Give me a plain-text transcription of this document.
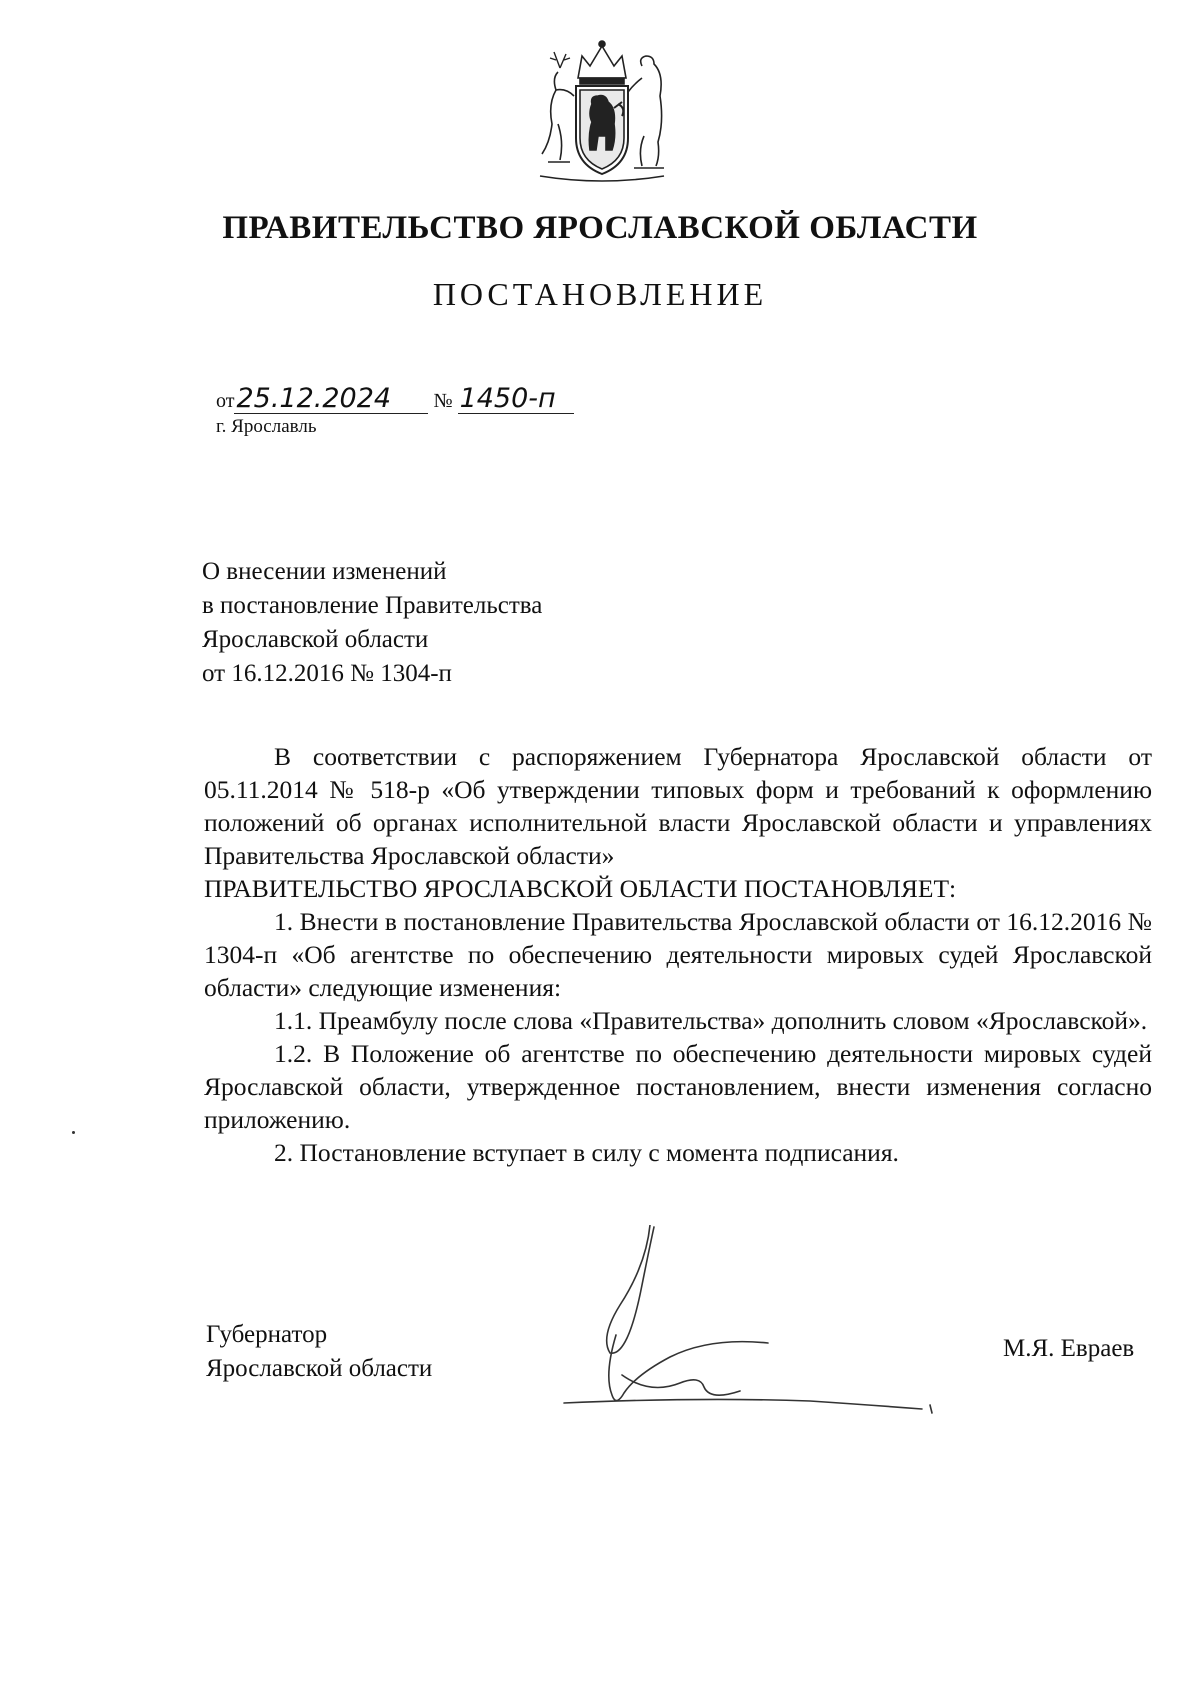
ПРАВИТЕЛЬСТВО ЯРОСЛАВСКОЙ ОБЛАСТИ
ПОСТАНОВЛЕНИЕ
от25.12.2024 № 1450-п
г. Ярославль
О внесении изменений
в постановление Правительства
Ярославской области
от 16.12.2016 № 1304-п

В соответствии с распоряжением Губернатора Ярославской области от 05.11.2014 № 518-р «Об утверждении типовых форм и требований к оформлению положений об органах исполнительной власти Ярославской области и управлениях Правительства Ярославской области»

ПРАВИТЕЛЬСТВО ЯРОСЛАВСКОЙ ОБЛАСТИ ПОСТАНОВЛЯЕТ:

1. Внести в постановление Правительства Ярославской области от 16.12.2016 № 1304-п «Об агентстве по обеспечению деятельности мировых судей Ярославской области» следующие изменения:

1.1. Преамбулу после слова «Правительства» дополнить словом «Ярославской».

1.2. В Положение об агентстве по обеспечению деятельности мировых судей Ярославской области, утвержденное постановлением, внести изменения согласно приложению.

2. Постановление вступает в силу с момента подписания.

Губернатор
Ярославской области
М.Я. Евраев
